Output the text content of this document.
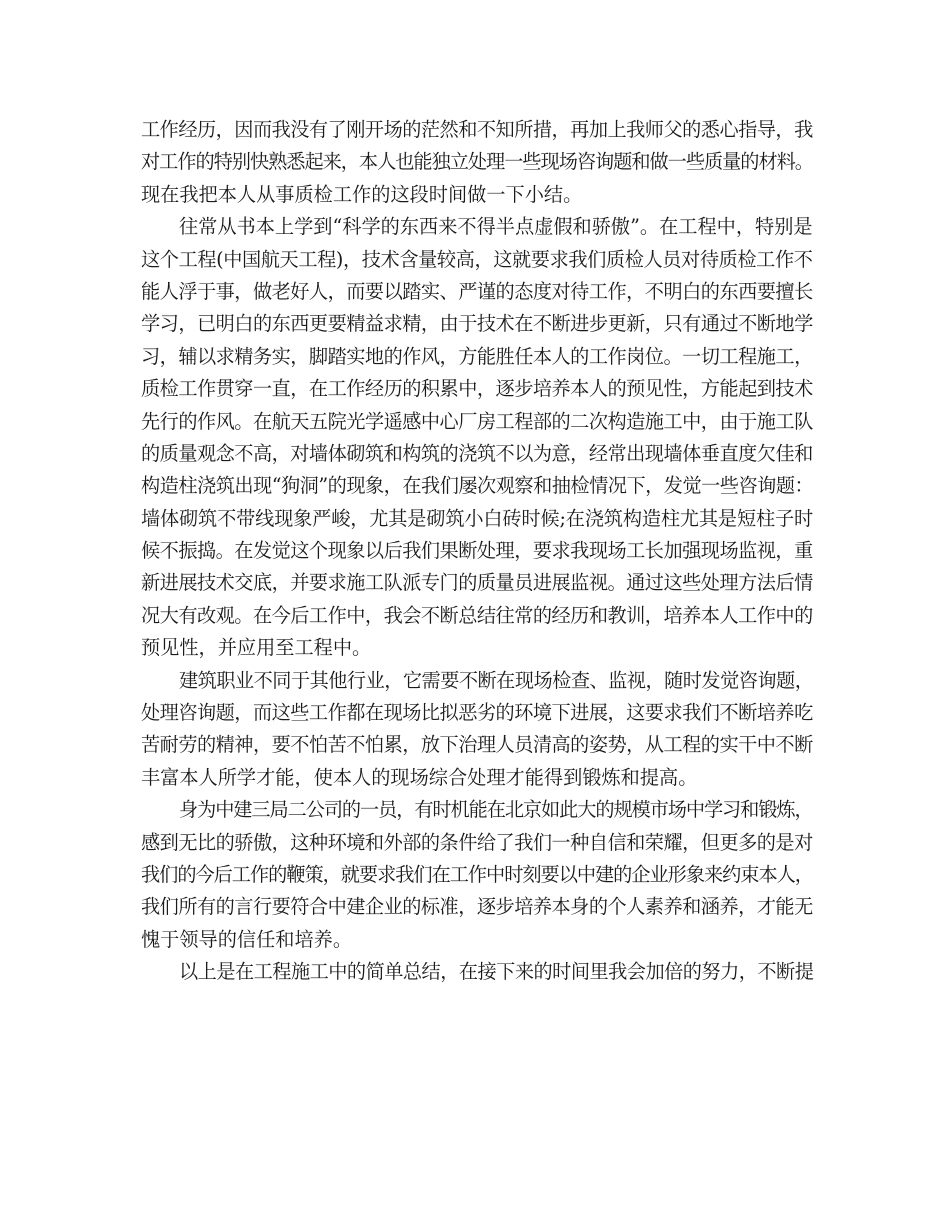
工作经历，因而我没有了刚开场的茫然和不知所措，再加上我师父的悉心指导，我
对工作的特别快熟悉起来，本人也能独立处理一些现场咨询题和做一些质量的材料。
现在我把本人从事质检工作的这段时间做一下小结。
往常从书本上学到“科学的东西来不得半点虚假和骄傲”。在工程中，特别是
这个工程(中国航天工程)，技术含量较高，这就要求我们质检人员对待质检工作不
能人浮于事，做老好人，而要以踏实、严谨的态度对待工作，不明白的东西要擅长
学习，已明白的东西更要精益求精，由于技术在不断进步更新，只有通过不断地学
习，辅以求精务实，脚踏实地的作风，方能胜任本人的工作岗位。一切工程施工，
质检工作贯穿一直，在工作经历的积累中，逐步培养本人的预见性，方能起到技术
先行的作风。在航天五院光学遥感中心厂房工程部的二次构造施工中，由于施工队
的质量观念不高，对墙体砌筑和构筑的浇筑不以为意，经常出现墙体垂直度欠佳和
构造柱浇筑出现“狗洞”的现象，在我们屡次观察和抽检情况下，发觉一些咨询题：
墙体砌筑不带线现象严峻，尤其是砌筑小白砖时候;在浇筑构造柱尤其是短柱子时
候不振捣。在发觉这个现象以后我们果断处理，要求我现场工长加强现场监视，重
新进展技术交底，并要求施工队派专门的质量员进展监视。通过这些处理方法后情
况大有改观。在今后工作中，我会不断总结往常的经历和教训，培养本人工作中的
预见性，并应用至工程中。
建筑职业不同于其他行业，它需要不断在现场检查、监视，随时发觉咨询题，
处理咨询题，而这些工作都在现场比拟恶劣的环境下进展，这要求我们不断培养吃
苦耐劳的精神，要不怕苦不怕累，放下治理人员清高的姿势，从工程的实干中不断
丰富本人所学才能，使本人的现场综合处理才能得到锻炼和提高。
身为中建三局二公司的一员，有时机能在北京如此大的规模市场中学习和锻炼，
感到无比的骄傲，这种环境和外部的条件给了我们一种自信和荣耀，但更多的是对
我们的今后工作的鞭策，就要求我们在工作中时刻要以中建的企业形象来约束本人，
我们所有的言行要符合中建企业的标准，逐步培养本身的个人素养和涵养，才能无
愧于领导的信任和培养。
以上是在工程施工中的简单总结，在接下来的时间里我会加倍的努力，不断提
